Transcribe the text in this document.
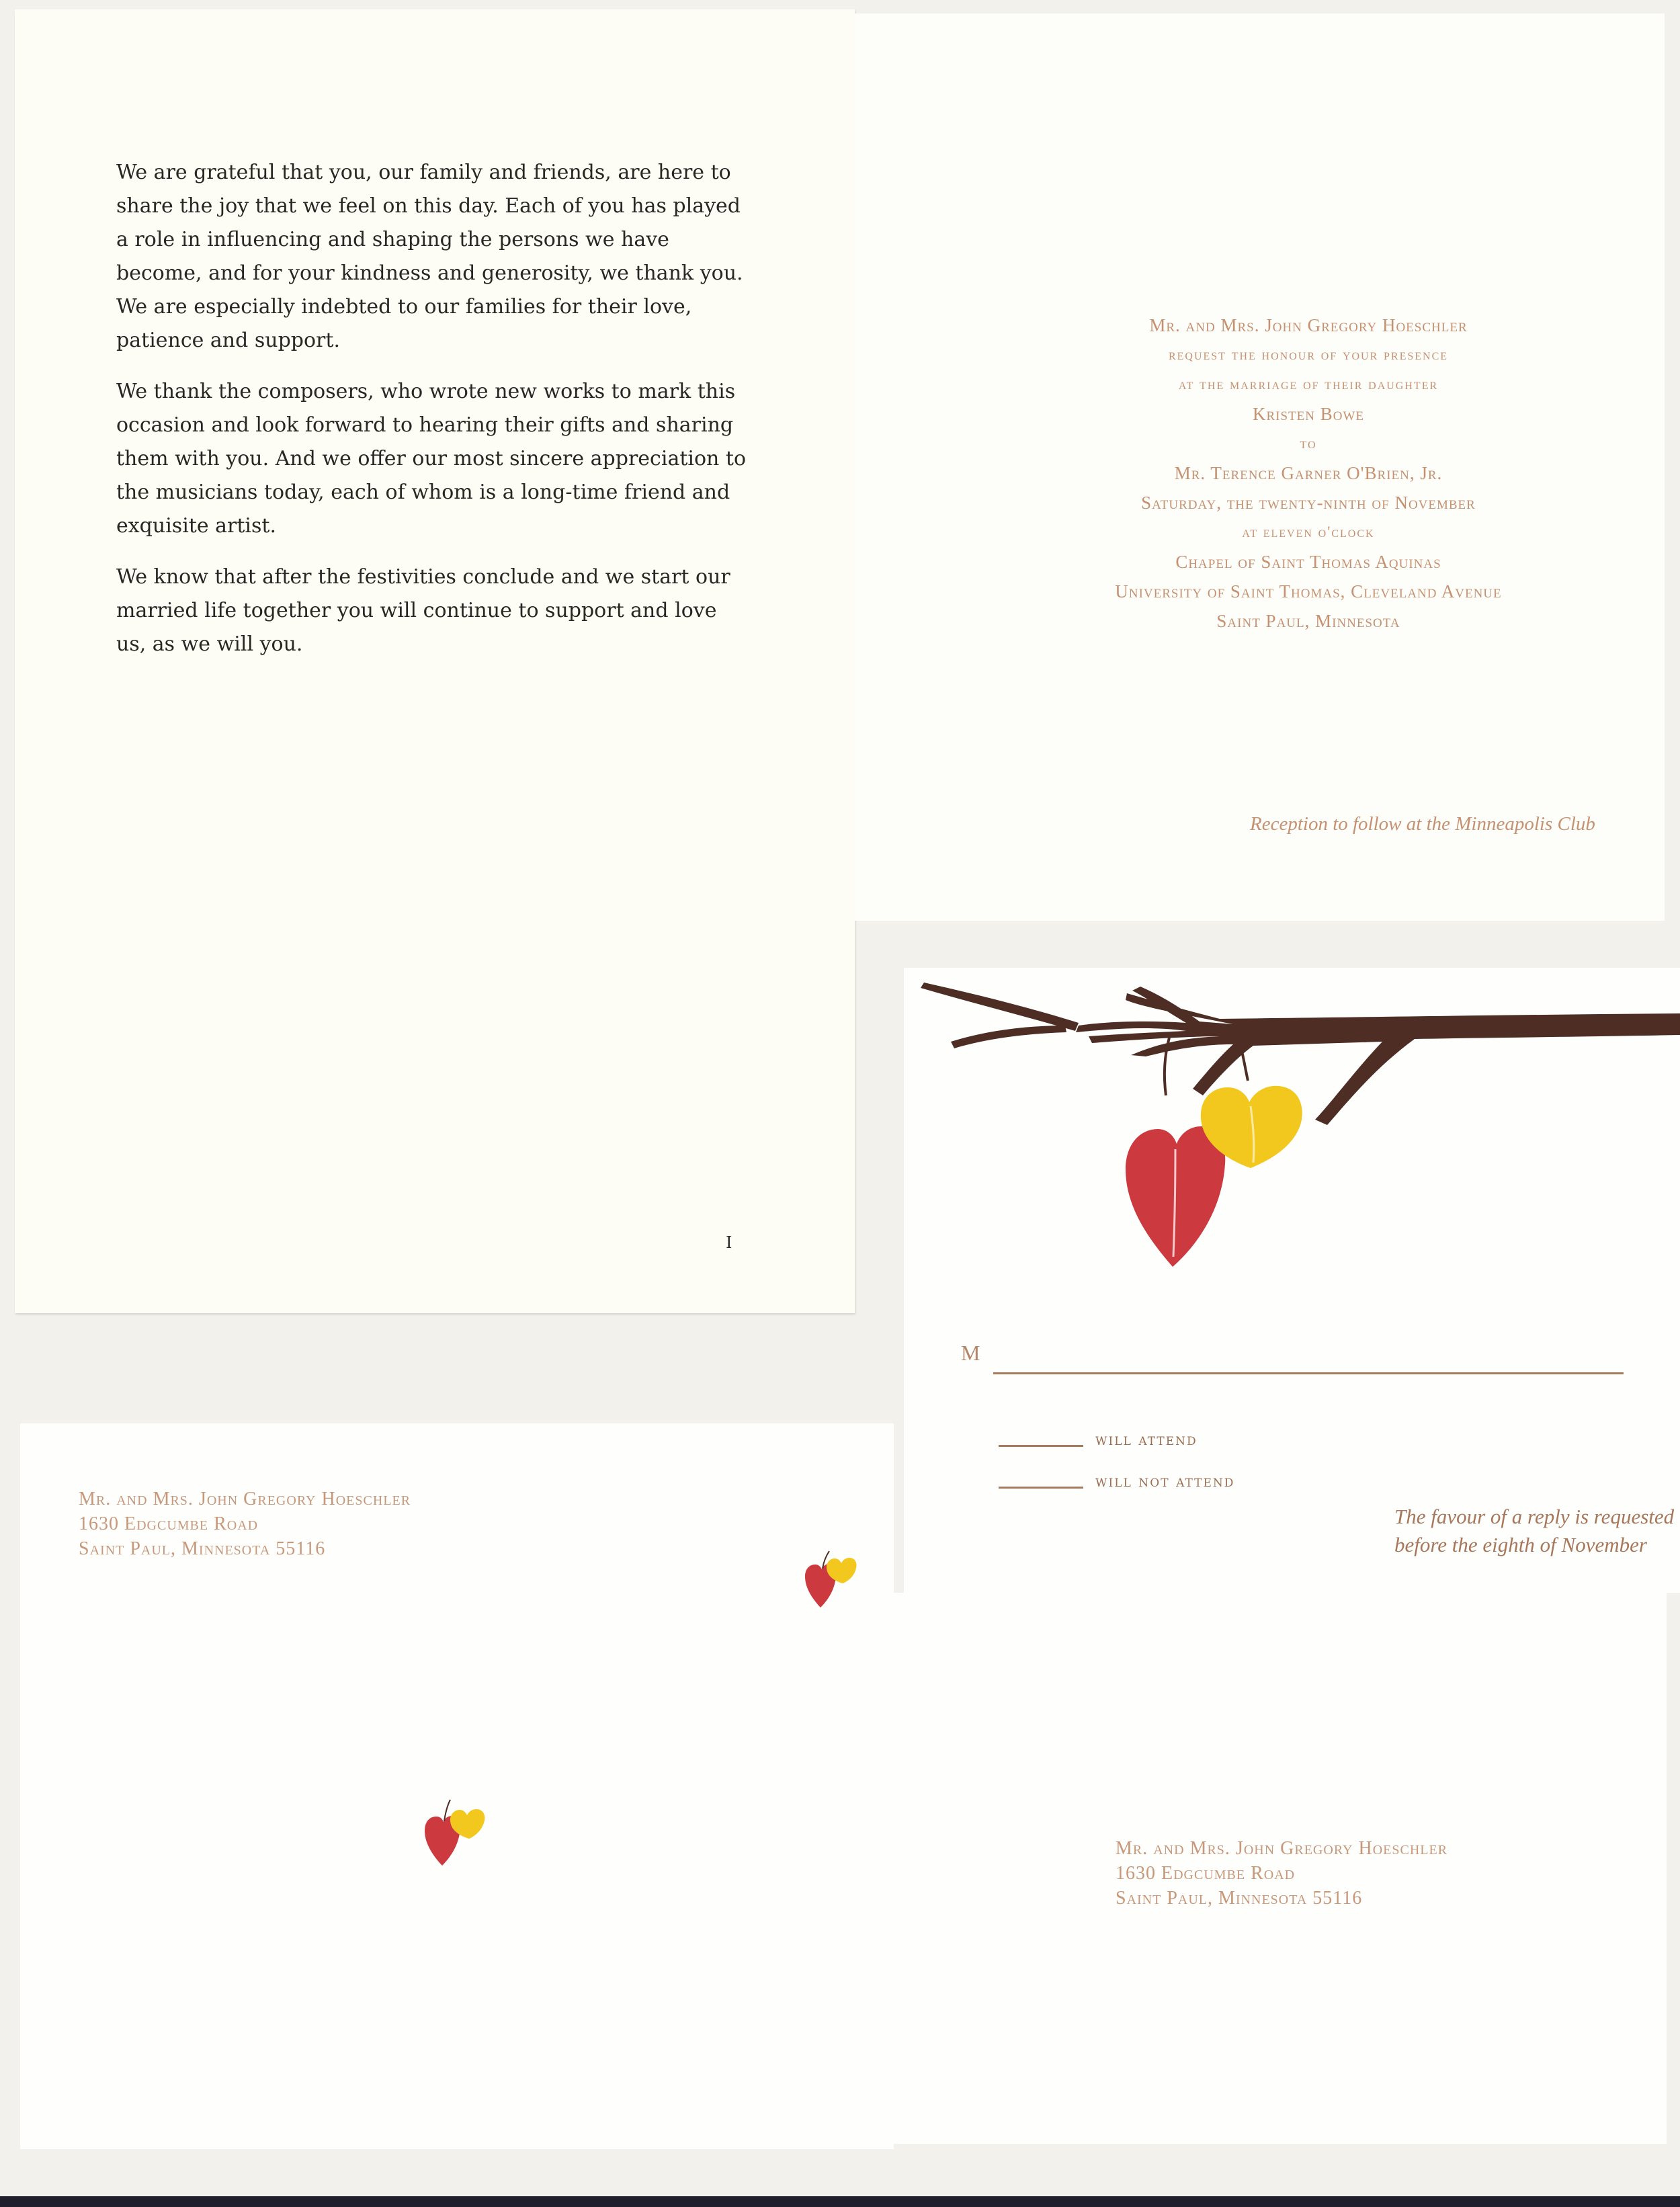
We are grateful that you, our family and friends, are here to share the joy that we feel on this day. Each of you has played a role in influencing and shaping the persons we have become, and for your kindness and generosity, we thank you. We are especially indebted to our families for their love, patience and support.

We thank the composers, who wrote new works to mark this occasion and look forward to hearing their gifts and sharing them with you. And we offer our most sincere appreciation to the musicians today, each of whom is a long-time friend and exquisite artist.

We know that after the festivities conclude and we start our married life together you will continue to support and love us, as we will you.

I
Mr. and Mrs. John Gregory Hoeschler
request the honour of your presence
at the marriage of their daughter
Kristen Bowe
to
Mr. Terence Garner O'Brien, Jr.
Saturday, the twenty-ninth of November
at eleven o'clock
Chapel of Saint Thomas Aquinas
University of Saint Thomas, Cleveland Avenue
Saint Paul, Minnesota
Reception to follow at the Minneapolis Club
M
will attend
will not attend
The favour of a reply is requested
before the eighth of November
Mr. and Mrs. John Gregory Hoeschler
1630 Edgcumbe Road
Saint Paul, Minnesota 55116
Mr. and Mrs. John Gregory Hoeschler
1630 Edgcumbe Road
Saint Paul, Minnesota 55116
